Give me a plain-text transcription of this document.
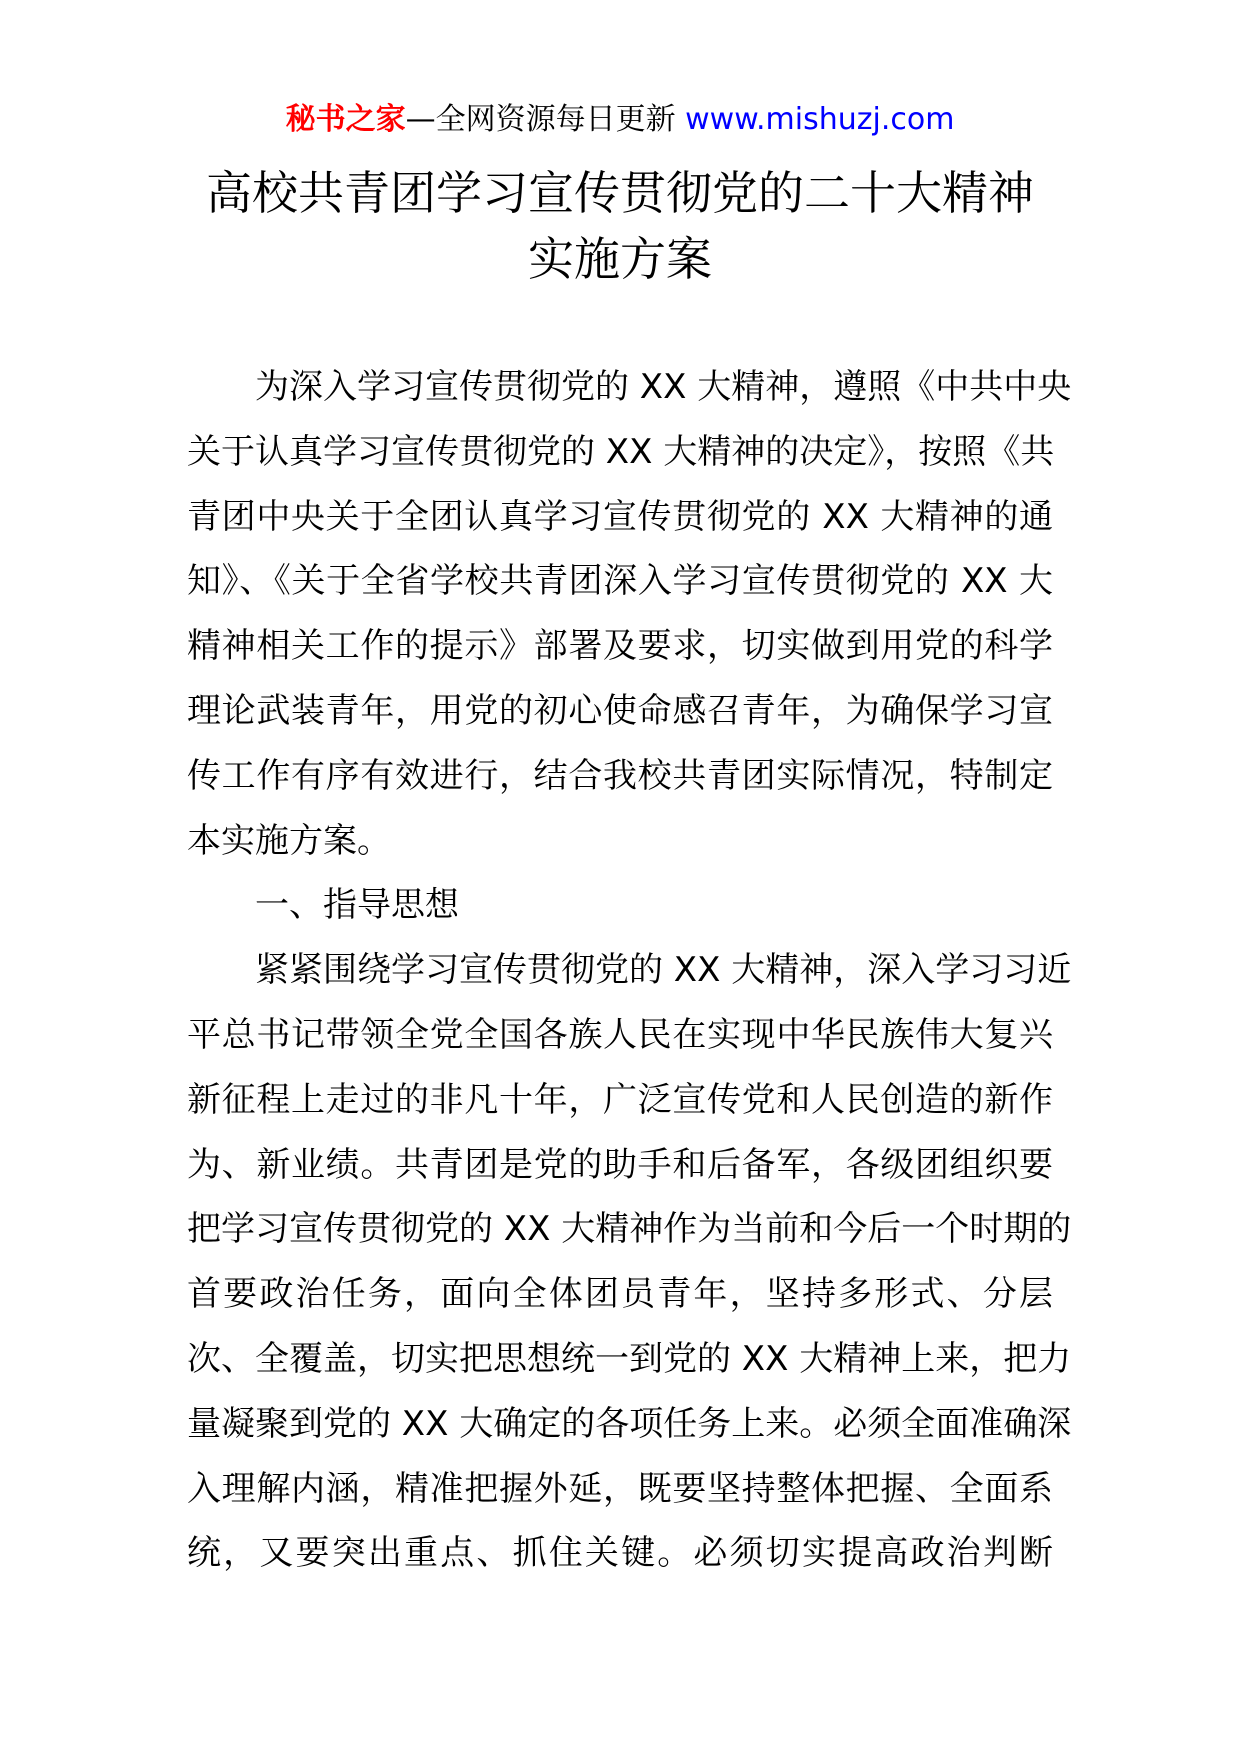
秘书之家—全网资源每日更新 www.mishuzj.com
高校共青团学习宣传贯彻党的二十大精神
实施方案
为深入学习宣传贯彻党的 XX 大精神，遵照《中共中央
关于认真学习宣传贯彻党的 XX 大精神的决定》，按照《共
青团中央关于全团认真学习宣传贯彻党的 XX 大精神的通
知》、《关于全省学校共青团深入学习宣传贯彻党的 XX 大
精神相关工作的提示》部署及要求，切实做到用党的科学
理论武装青年，用党的初心使命感召青年，为确保学习宣
传工作有序有效进行，结合我校共青团实际情况，特制定
本实施方案。
一、指导思想
紧紧围绕学习宣传贯彻党的 XX 大精神，深入学习习近
平总书记带领全党全国各族人民在实现中华民族伟大复兴
新征程上走过的非凡十年，广泛宣传党和人民创造的新作
为、新业绩。共青团是党的助手和后备军，各级团组织要
把学习宣传贯彻党的 XX 大精神作为当前和今后一个时期的
首要政治任务，面向全体团员青年，坚持多形式、分层
次、全覆盖，切实把思想统一到党的 XX 大精神上来，把力
量凝聚到党的 XX 大确定的各项任务上来。必须全面准确深
入理解内涵，精准把握外延，既要坚持整体把握、全面系
统，又要突出重点、抓住关键。必须切实提高政治判断
